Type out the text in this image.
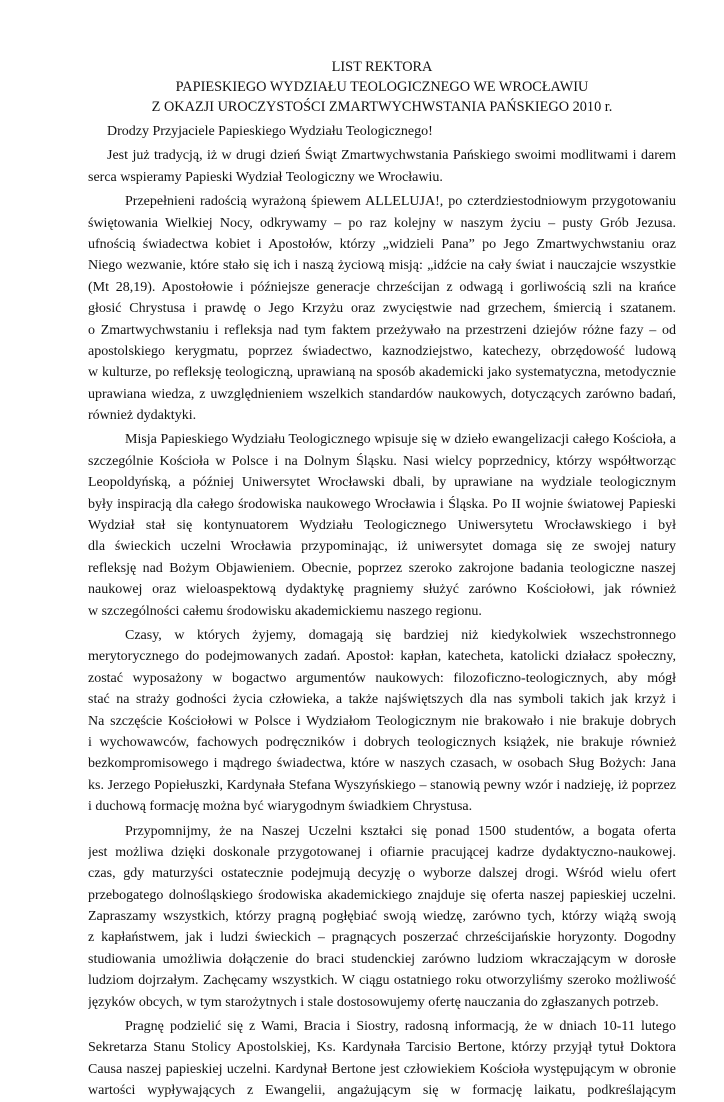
LIST REKTORA
PAPIESKIEGO WYDZIAŁU TEOLOGICZNEGO WE WROCŁAWIU
Z OKAZJI UROCZYSTOŚCI ZMARTWYCHWSTANIA PAŃSKIEGO 2010 r.
Drodzy Przyjaciele Papieskiego Wydziału Teologicznego!
Jest już tradycją, iż w drugi dzień Świąt Zmartwychwstania Pańskiego swoimi modlitwami i darem
serca wspieramy Papieski Wydział Teologiczny we Wrocławiu.
Przepełnieni radością wyrażoną śpiewem ALLELUJA!, po czterdziestodniowym przygotowaniu
świętowania Wielkiej Nocy, odkrywamy – po raz kolejny w naszym życiu – pusty Grób Jezusa.
ufnością świadectwa kobiet i Apostołów, którzy „widzieli Pana” po Jego Zmartwychwstaniu oraz
Niego wezwanie, które stało się ich i naszą życiową misją: „idźcie na cały świat i nauczajcie wszystkie
(Mt 28,19). Apostołowie i późniejsze generacje chrześcijan z odwagą i gorliwością szli na krańce
głosić Chrystusa i prawdę o Jego Krzyżu oraz zwycięstwie nad grzechem, śmiercią i szatanem.
o Zmartwychwstaniu i refleksja nad tym faktem przeżywało na przestrzeni dziejów różne fazy – od
apostolskiego kerygmatu, poprzez świadectwo, kaznodziejstwo, katechezy, obrzędowość ludową
w kulturze, po refleksję teologiczną, uprawianą na sposób akademicki jako systematyczna, metodycznie
uprawiana wiedza, z uwzględnieniem wszelkich standardów naukowych, dotyczących zarówno badań,
również dydaktyki.
Misja Papieskiego Wydziału Teologicznego wpisuje się w dzieło ewangelizacji całego Kościoła, a
szczególnie Kościoła w Polsce i na Dolnym Śląsku. Nasi wielcy poprzednicy, którzy współtworząc
Leopoldyńską, a później Uniwersytet Wrocławski dbali, by uprawiane na wydziale teologicznym
były inspiracją dla całego środowiska naukowego Wrocławia i Śląska. Po II wojnie światowej Papieski
Wydział stał się kontynuatorem Wydziału Teologicznego Uniwersytetu Wrocławskiego i był
dla świeckich uczelni Wrocławia przypominając, iż uniwersytet domaga się ze swojej natury
refleksję nad Bożym Objawieniem. Obecnie, poprzez szeroko zakrojone badania teologiczne naszej
naukowej oraz wieloaspektową dydaktykę pragniemy służyć zarówno Kościołowi, jak również
w szczególności całemu środowisku akademickiemu naszego regionu.
Czasy, w których żyjemy, domagają się bardziej niż kiedykolwiek wszechstronnego
merytorycznego do podejmowanych zadań. Apostoł: kapłan, katecheta, katolicki działacz społeczny,
zostać wyposażony w bogactwo argumentów naukowych: filozoficzno-teologicznych, aby mógł
stać na straży godności życia człowieka, a także najświętszych dla nas symboli takich jak krzyż i
Na szczęście Kościołowi w Polsce i Wydziałom Teologicznym nie brakowało i nie brakuje dobrych
i wychowawców, fachowych podręczników i dobrych teologicznych książek, nie brakuje również
bezkompromisowego i mądrego świadectwa, które w naszych czasach, w osobach Sług Bożych: Jana
ks. Jerzego Popiełuszki, Kardynała Stefana Wyszyńskiego – stanowią pewny wzór i nadzieję, iż poprzez
i duchową formację można być wiarygodnym świadkiem Chrystusa.
Przypomnijmy, że na Naszej Uczelni kształci się ponad 1500 studentów, a bogata oferta
jest możliwa dzięki doskonale przygotowanej i ofiarnie pracującej kadrze dydaktyczno-naukowej.
czas, gdy maturzyści ostatecznie podejmują decyzję o wyborze dalszej drogi. Wśród wielu ofert
przebogatego dolnośląskiego środowiska akademickiego znajduje się oferta naszej papieskiej uczelni.
Zapraszamy wszystkich, którzy pragną pogłębiać swoją wiedzę, zarówno tych, którzy wiążą swoją
z kapłaństwem, jak i ludzi świeckich – pragnących poszerzać chrześcijańskie horyzonty. Dogodny
studiowania umożliwia dołączenie do braci studenckiej zarówno ludziom wkraczającym w dorosłe
ludziom dojrzałym. Zachęcamy wszystkich. W ciągu ostatniego roku otworzyliśmy szeroko możliwość
języków obcych, w tym starożytnych i stale dostosowujemy ofertę nauczania do zgłaszanych potrzeb.
Pragnę podzielić się z Wami, Bracia i Siostry, radosną informacją, że w dniach 10-11 lutego
Sekretarza Stanu Stolicy Apostolskiej, Ks. Kardynała Tarcisio Bertone, którzy przyjął tytuł Doktora
Causa naszej papieskiej uczelni. Kardynał Bertone jest człowiekiem Kościoła występującym w obronie
wartości wypływających z Ewangelii, angażującym się w formację laikatu, podkreślającym
